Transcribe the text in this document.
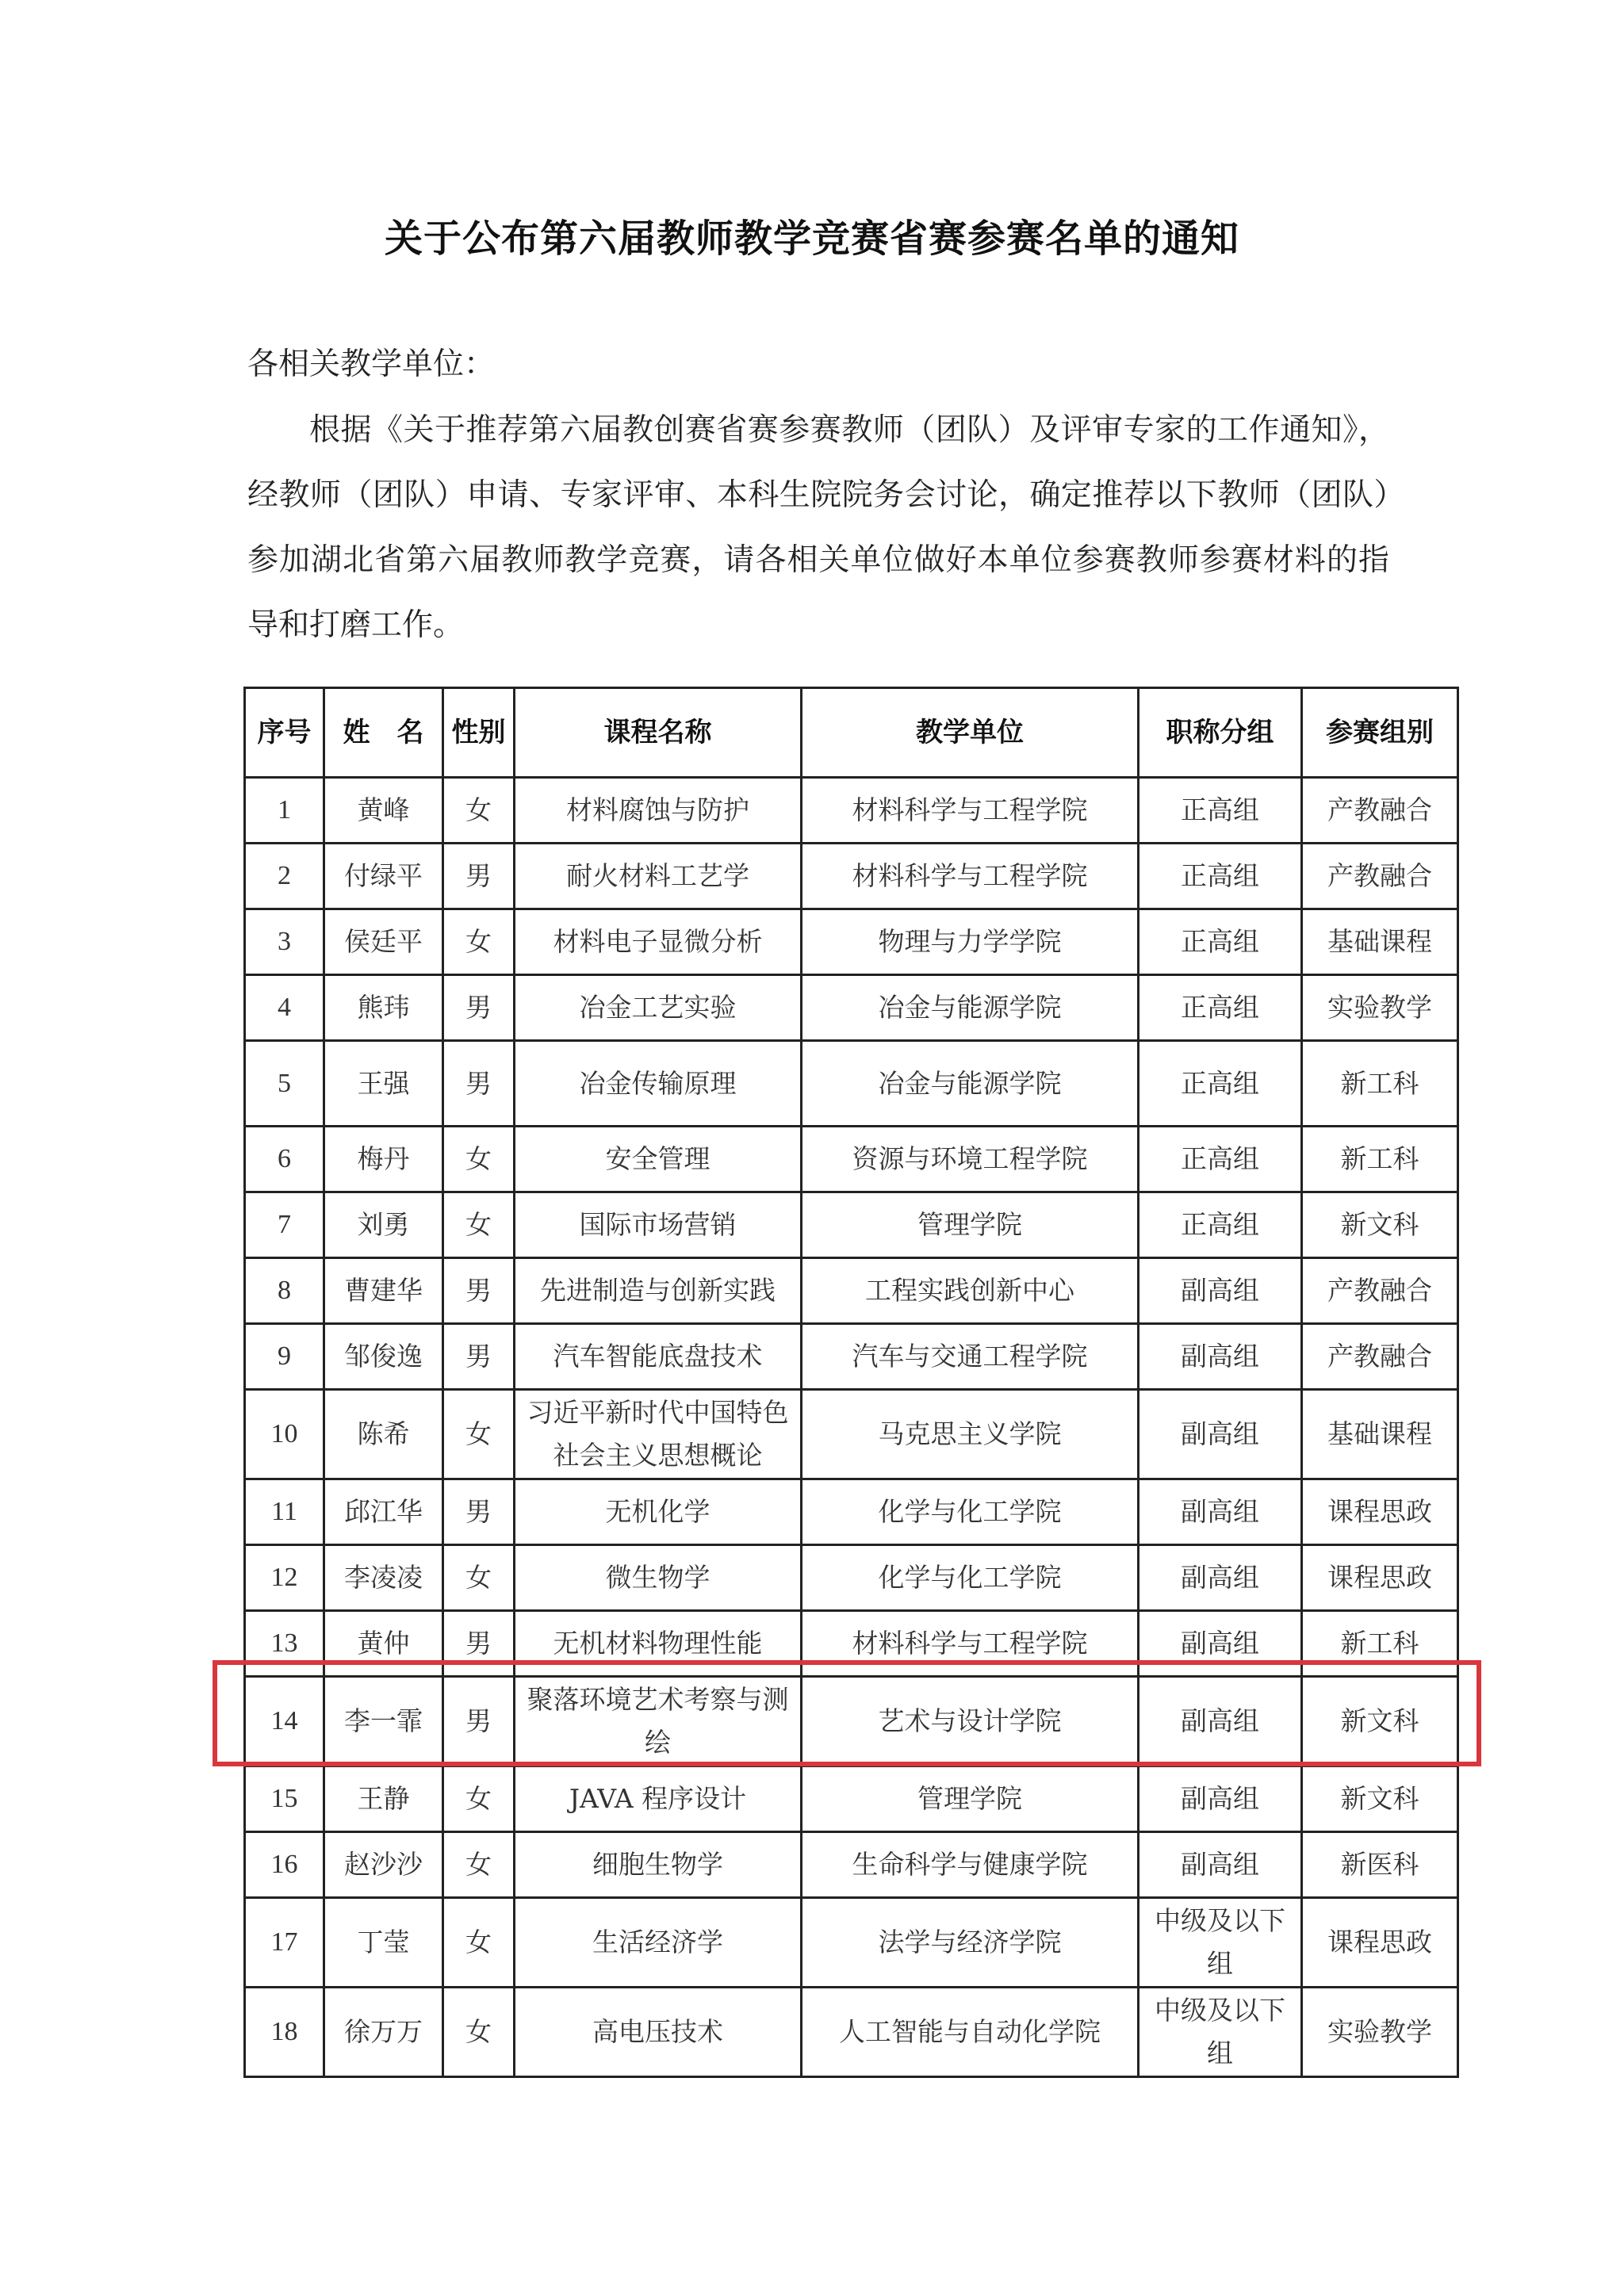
关于公布第六届教师教学竞赛省赛参赛名单的通知
各相关教学单位：

根据《关于推荐第六届教创赛省赛参赛教师（团队）及评审专家的工作通知》，经教师（团队）申请、专家评审、本科生院院务会讨论，确定推荐以下教师（团队）参加湖北省第六届教师教学竞赛，请各相关单位做好本单位参赛教师参赛材料的指导和打磨工作。

序号	姓　名	性别	课程名称	教学单位	职称分组	参赛组别
1	黄峰	女	材料腐蚀与防护	材料科学与工程学院	正高组	产教融合
2	付绿平	男	耐火材料工艺学	材料科学与工程学院	正高组	产教融合
3	侯廷平	女	材料电子显微分析	物理与力学学院	正高组	基础课程
4	熊玮	男	冶金工艺实验	冶金与能源学院	正高组	实验教学
5	王强	男	冶金传输原理	冶金与能源学院	正高组	新工科
6	梅丹	女	安全管理	资源与环境工程学院	正高组	新工科
7	刘勇	女	国际市场营销	管理学院	正高组	新文科
8	曹建华	男	先进制造与创新实践	工程实践创新中心	副高组	产教融合
9	邹俊逸	男	汽车智能底盘技术	汽车与交通工程学院	副高组	产教融合
10	陈希	女	习近平新时代中国特色社会主义思想概论	马克思主义学院	副高组	基础课程
11	邱江华	男	无机化学	化学与化工学院	副高组	课程思政
12	李凌凌	女	微生物学	化学与化工学院	副高组	课程思政
13	黄仲	男	无机材料物理性能	材料科学与工程学院	副高组	新工科
14	李一霏	男	聚落环境艺术考察与测绘	艺术与设计学院	副高组	新文科
15	王静	女	JAVA 程序设计	管理学院	副高组	新文科
16	赵沙沙	女	细胞生物学	生命科学与健康学院	副高组	新医科
17	丁莹	女	生活经济学	法学与经济学院	中级及以下组	课程思政
18	徐万万	女	高电压技术	人工智能与自动化学院	中级及以下组	实验教学
